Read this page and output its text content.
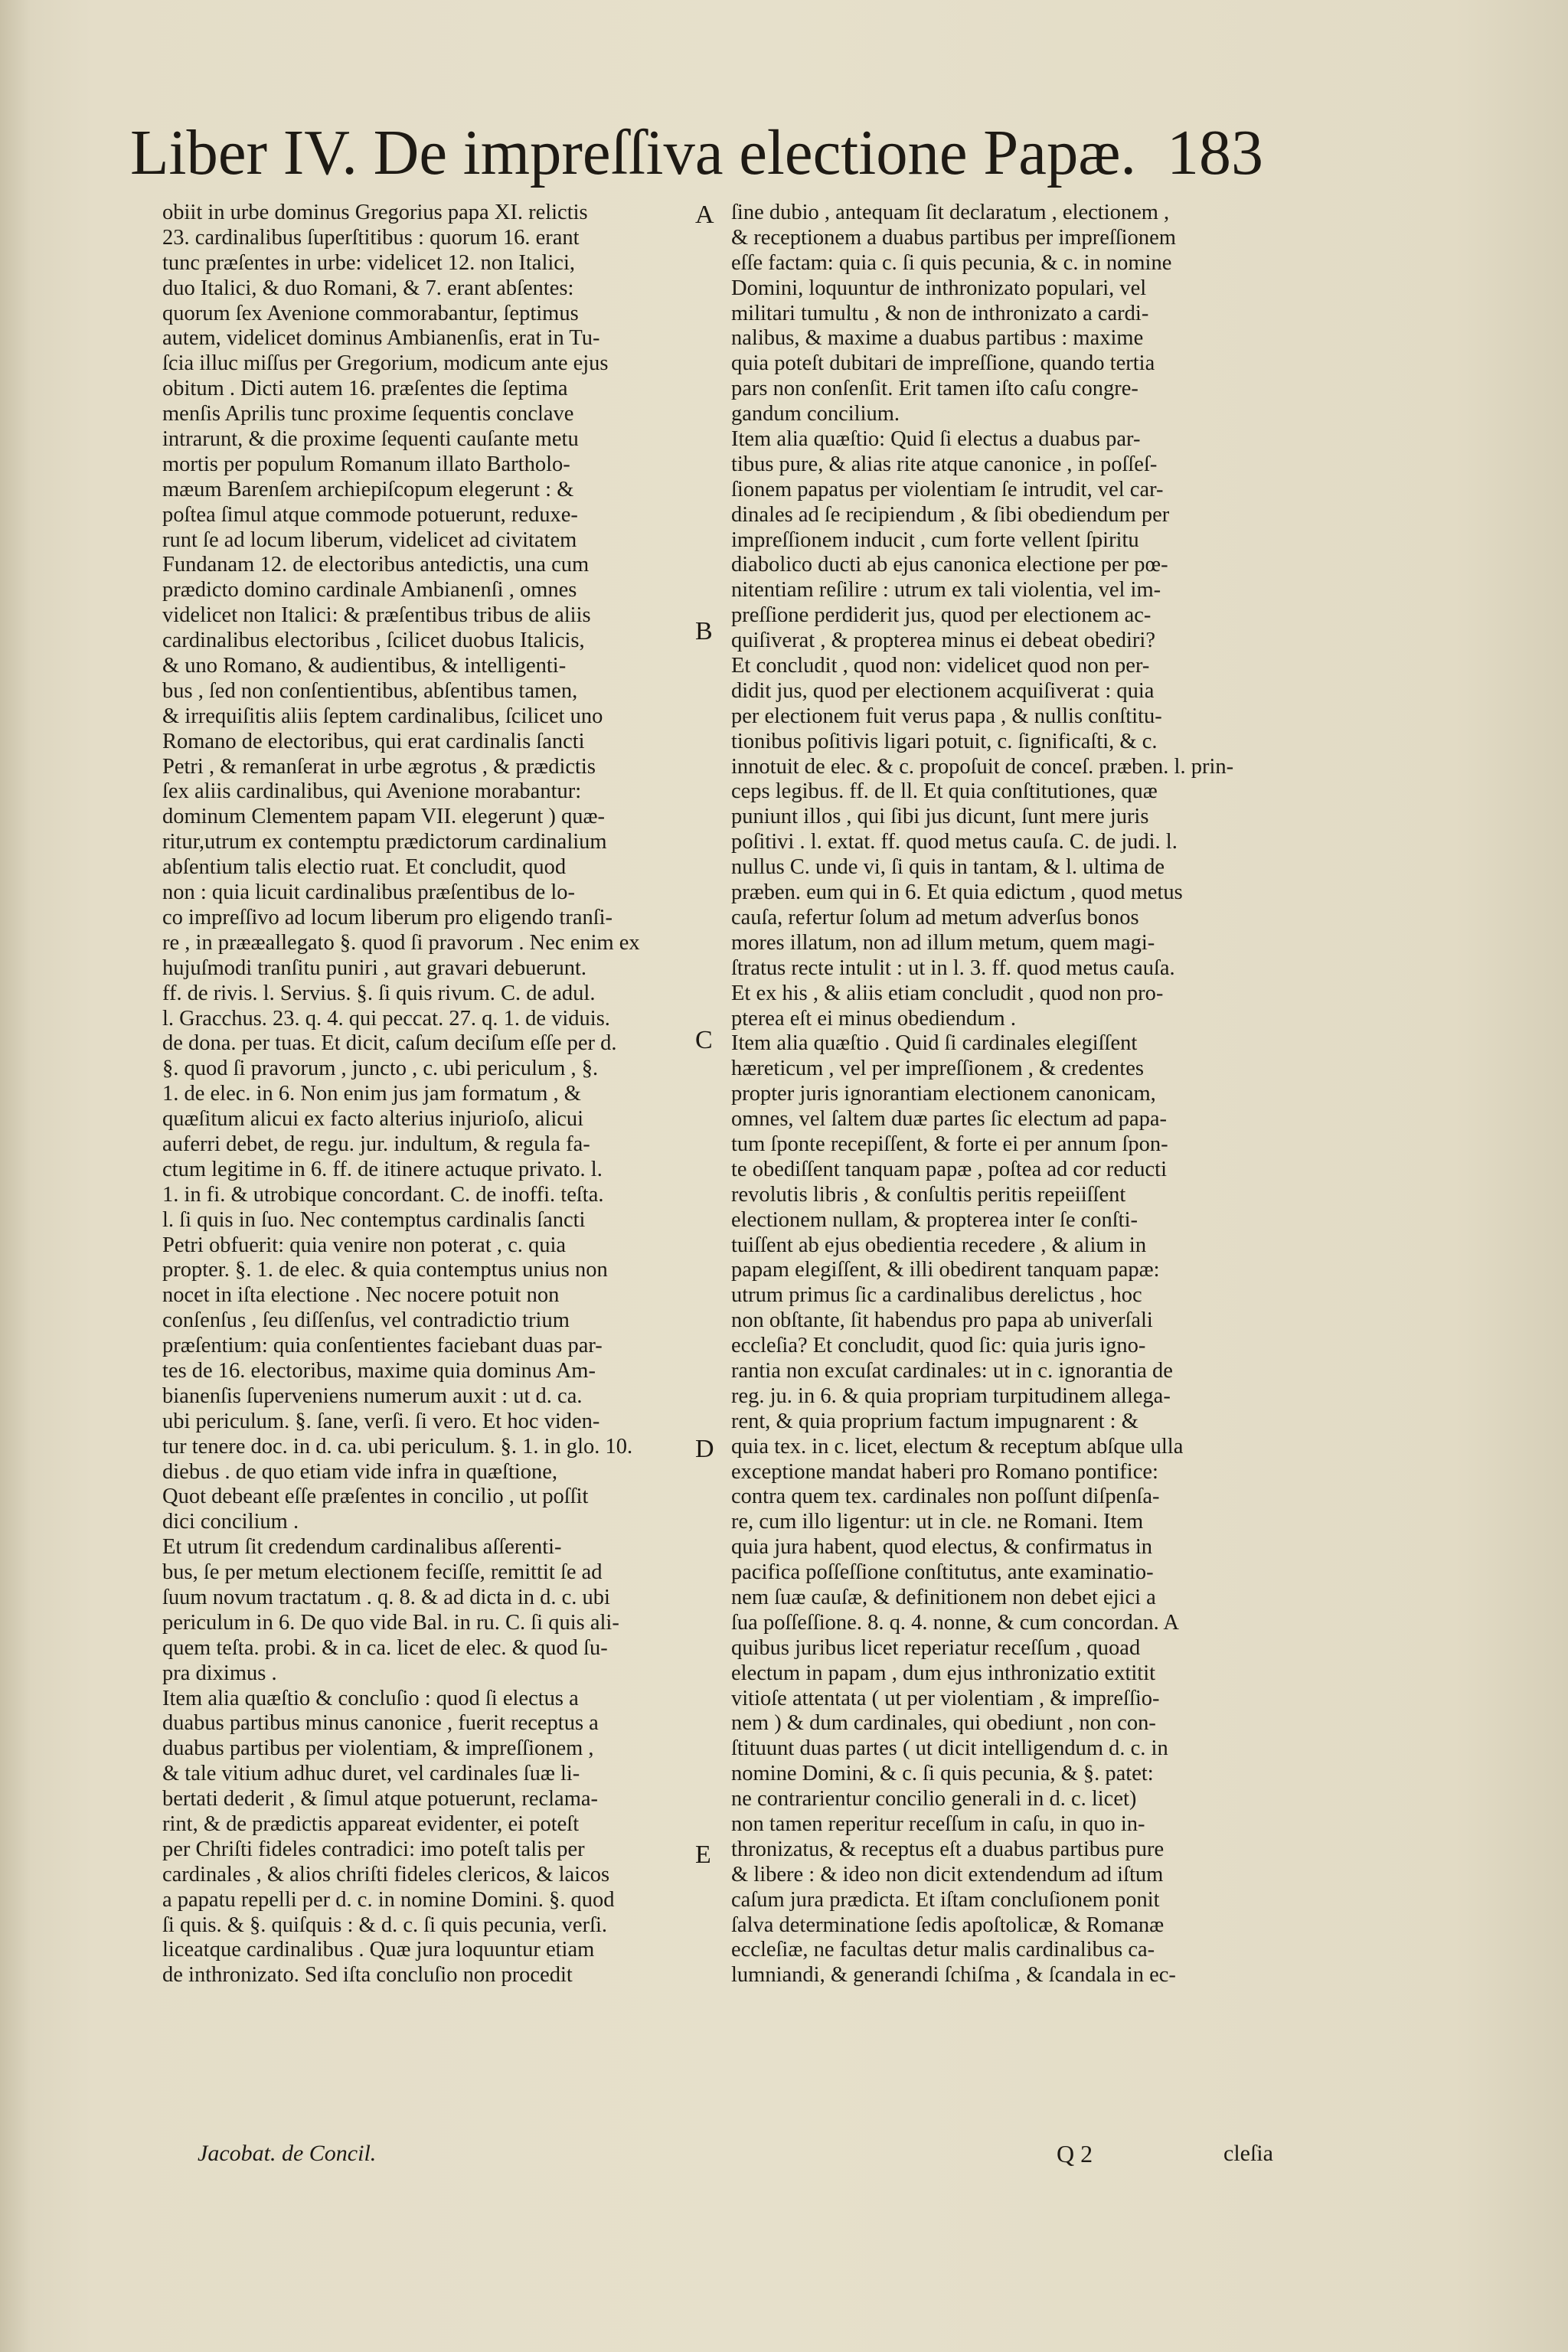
Liber IV. De impreſſiva electione Papæ. 183
obiit in urbe dominus Gregorius papa XI. relictis
23. cardinalibus ſuperſtitibus : quorum 16. erant
tunc præſentes in urbe: videlicet 12. non Italici,
duo Italici, & duo Romani, & 7. erant abſentes:
quorum ſex Avenione commorabantur, ſeptimus
autem, videlicet dominus Ambianenſis, erat in Tu-
ſcia illuc miſſus per Gregorium, modicum ante ejus
obitum . Dicti autem 16. præſentes die ſeptima
menſis Aprilis tunc proxime ſequentis conclave
intrarunt, & die proxime ſequenti cauſante metu
mortis per populum Romanum illato Bartholo-
mæum Barenſem archiepiſcopum elegerunt : &
poſtea ſimul atque commode potuerunt, reduxe-
runt ſe ad locum liberum, videlicet ad civitatem
Fundanam 12. de electoribus antedictis, una cum
prædicto domino cardinale Ambianenſi , omnes
videlicet non Italici: & præſentibus tribus de aliis
cardinalibus electoribus , ſcilicet duobus Italicis,
& uno Romano, & audientibus, & intelligenti-
bus , ſed non conſentientibus, abſentibus tamen,
& irrequiſitis aliis ſeptem cardinalibus, ſcilicet uno
Romano de electoribus, qui erat cardinalis ſancti
Petri , & remanſerat in urbe ægrotus , & prædictis
ſex aliis cardinalibus, qui Avenione morabantur:
dominum Clementem papam VII. elegerunt ) quæ-
ritur,utrum ex contemptu prædictorum cardinalium
abſentium talis electio ruat. Et concludit, quod
non : quia licuit cardinalibus præſentibus de lo-
co impreſſivo ad locum liberum pro eligendo tranſi-
re , in prææallegato §. quod ſi pravorum . Nec enim ex
hujuſmodi tranſitu puniri , aut gravari debuerunt.
ff. de rivis. l. Servius. §. ſi quis rivum. C. de adul.
l. Gracchus. 23. q. 4. qui peccat. 27. q. 1. de viduis.
de dona. per tuas. Et dicit, caſum deciſum eſſe per d.
§. quod ſi pravorum , juncto , c. ubi periculum , §.
1. de elec. in 6. Non enim jus jam formatum , &
quæſitum alicui ex facto alterius injurioſo, alicui
auferri debet, de regu. jur. indultum, & regula fa-
ctum legitime in 6. ff. de itinere actuque privato. l.
1. in fi. & utrobique concordant. C. de inoffi. teſta.
l. ſi quis in ſuo. Nec contemptus cardinalis ſancti
Petri obfuerit: quia venire non poterat , c. quia
propter. §. 1. de elec. & quia contemptus unius non
nocet in iſta electione . Nec nocere potuit non
conſenſus , ſeu diſſenſus, vel contradictio trium
præſentium: quia conſentientes faciebant duas par-
tes de 16. electoribus, maxime quia dominus Am-
bianenſis ſuperveniens numerum auxit : ut d. ca.
ubi periculum. §. ſane, verſi. ſi vero. Et hoc viden-
tur tenere doc. in d. ca. ubi periculum. §. 1. in glo. 10.
diebus . de quo etiam vide infra in quæſtione,
Quot debeant eſſe præſentes in concilio , ut poſſit
dici concilium .
Et utrum ſit credendum cardinalibus aſſerenti-
bus, ſe per metum electionem feciſſe, remittit ſe ad
ſuum novum tractatum . q. 8. & ad dicta in d. c. ubi
periculum in 6. De quo vide Bal. in ru. C. ſi quis ali-
quem teſta. probi. & in ca. licet de elec. & quod ſu-
pra diximus .
Item alia quæſtio & concluſio : quod ſi electus a
duabus partibus minus canonice , fuerit receptus a
duabus partibus per violentiam, & impreſſionem ,
& tale vitium adhuc duret, vel cardinales ſuæ li-
bertati dederit , & ſimul atque potuerunt, reclama-
rint, & de prædictis appareat evidenter, ei poteſt
per Chriſti fideles contradici: imo poteſt talis per
cardinales , & alios chriſti fideles clericos, & laicos
a papatu repelli per d. c. in nomine Domini. §. quod
ſi quis. & §. quiſquis : & d. c. ſi quis pecunia, verſi.
liceatque cardinalibus . Quæ jura loquuntur etiam
de inthronizato. Sed iſta concluſio non procedit
ſine dubio , antequam ſit declaratum , electionem ,
& receptionem a duabus partibus per impreſſionem
eſſe factam: quia c. ſi quis pecunia, & c. in nomine
Domini, loquuntur de inthronizato populari, vel
militari tumultu , & non de inthronizato a cardi-
nalibus, & maxime a duabus partibus : maxime
quia poteſt dubitari de impreſſione, quando tertia
pars non conſenſit. Erit tamen iſto caſu congre-
gandum concilium.
Item alia quæſtio: Quid ſi electus a duabus par-
tibus pure, & alias rite atque canonice , in poſſeſ-
ſionem papatus per violentiam ſe intrudit, vel car-
dinales ad ſe recipiendum , & ſibi obediendum per
impreſſionem inducit , cum forte vellent ſpiritu
diabolico ducti ab ejus canonica electione per pœ-
nitentiam reſilire : utrum ex tali violentia, vel im-
preſſione perdiderit jus, quod per electionem ac-
quiſiverat , & propterea minus ei debeat obediri?
Et concludit , quod non: videlicet quod non per-
didit jus, quod per electionem acquiſiverat : quia
per electionem fuit verus papa , & nullis conſtitu-
tionibus poſitivis ligari potuit, c. ſignificaſti, & c.
innotuit de elec. & c. propoſuit de conceſ. præben. l. prin-
ceps legibus. ff. de ll. Et quia conſtitutiones, quæ
puniunt illos , qui ſibi jus dicunt, ſunt mere juris
poſitivi . l. extat. ff. quod metus cauſa. C. de judi. l.
nullus C. unde vi, ſi quis in tantam, & l. ultima de
præben. eum qui in 6. Et quia edictum , quod metus
cauſa, refertur ſolum ad metum adverſus bonos
mores illatum, non ad illum metum, quem magi-
ſtratus recte intulit : ut in l. 3. ff. quod metus cauſa.
Et ex his , & aliis etiam concludit , quod non pro-
pterea eſt ei minus obediendum .
Item alia quæſtio . Quid ſi cardinales elegiſſent
hæreticum , vel per impreſſionem , & credentes
propter juris ignorantiam electionem canonicam,
omnes, vel ſaltem duæ partes ſic electum ad papa-
tum ſponte recepiſſent, & forte ei per annum ſpon-
te obediſſent tanquam papæ , poſtea ad cor reducti
revolutis libris , & conſultis peritis repeiiſſent
electionem nullam, & propterea inter ſe conſti-
tuiſſent ab ejus obedientia recedere , & alium in
papam elegiſſent, & illi obedirent tanquam papæ:
utrum primus ſic a cardinalibus derelictus , hoc
non obſtante, ſit habendus pro papa ab univerſali
eccleſia? Et concludit, quod ſic: quia juris igno-
rantia non excuſat cardinales: ut in c. ignorantia de
reg. ju. in 6. & quia propriam turpitudinem allega-
rent, & quia proprium factum impugnarent : &
quia tex. in c. licet, electum & receptum abſque ulla
exceptione mandat haberi pro Romano pontifice:
contra quem tex. cardinales non poſſunt diſpenſa-
re, cum illo ligentur: ut in cle. ne Romani. Item
quia jura habent, quod electus, & confirmatus in
pacifica poſſeſſione conſtitutus, ante examinatio-
nem ſuæ cauſæ, & definitionem non debet ejici a
ſua poſſeſſione. 8. q. 4. nonne, & cum concordan. A
quibus juribus licet reperiatur receſſum , quoad
electum in papam , dum ejus inthronizatio extitit
vitioſe attentata ( ut per violentiam , & impreſſio-
nem ) & dum cardinales, qui obediunt , non con-
ſtituunt duas partes ( ut dicit intelligendum d. c. in
nomine Domini, & c. ſi quis pecunia, & §. patet:
ne contrarientur concilio generali in d. c. licet)
non tamen reperitur receſſum in caſu, in quo in-
thronizatus, & receptus eſt a duabus partibus pure
& libere : & ideo non dicit extendendum ad iſtum
caſum jura prædicta. Et iſtam concluſionem ponit
ſalva determinatione ſedis apoſtolicæ, & Romanæ
eccleſiæ, ne facultas detur malis cardinalibus ca-
lumniandi, & generandi ſchiſma , & ſcandala in ec-
A
B
C
D
E
Jacobat. de Concil.	Q 2	cleſia
